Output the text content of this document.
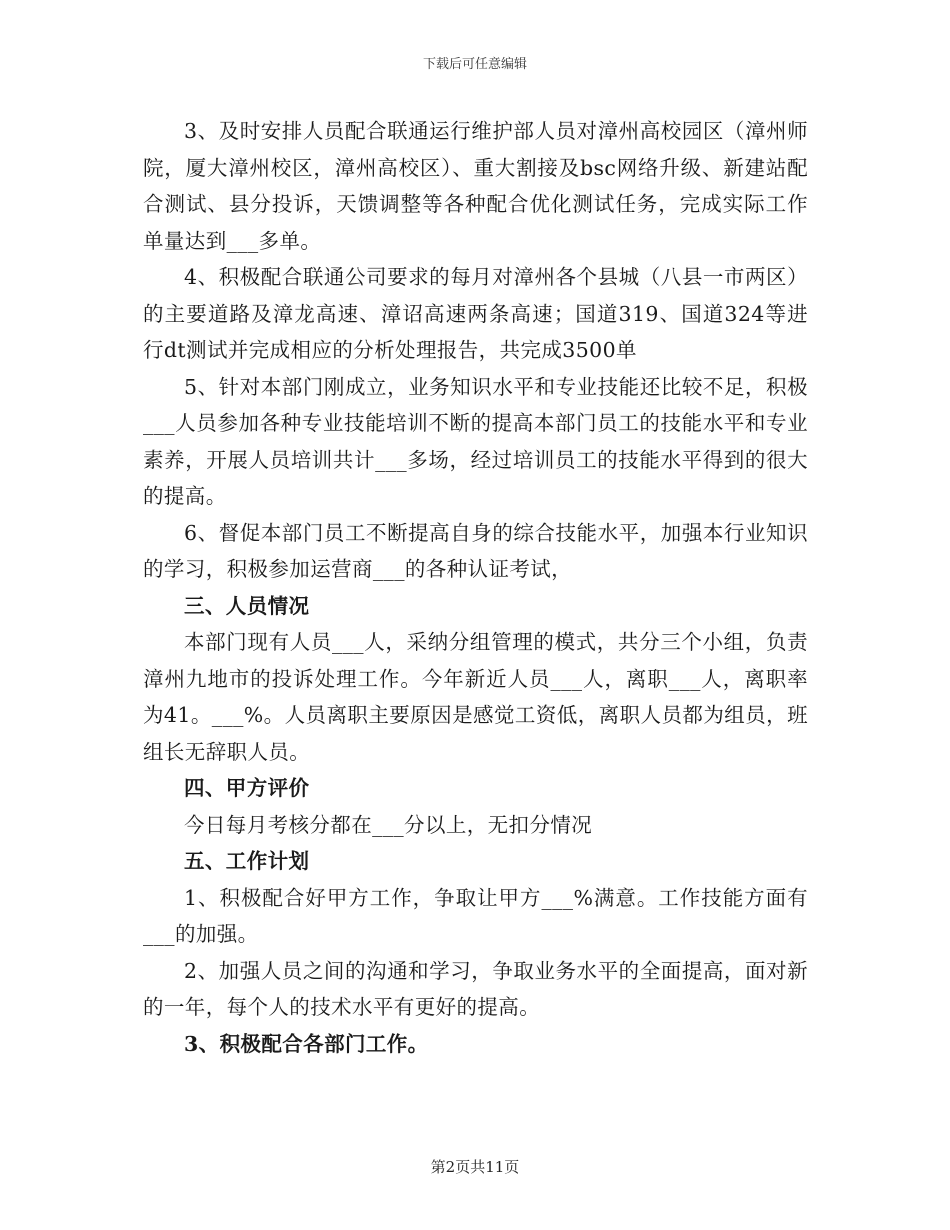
下载后可任意编辑

3、及时安排人员配合联通运行维护部人员对漳州高校园区（漳州师院，厦大漳州校区，漳州高校区）、重大割接及bsc网络升级、新建站配合测试、县分投诉，天馈调整等各种配合优化测试任务，完成实际工作单量达到___多单。

4、积极配合联通公司要求的每月对漳州各个县城（八县一市两区）的主要道路及漳龙高速、漳诏高速两条高速；国道319、国道324等进行dt测试并完成相应的分析处理报告，共完成3500单

5、针对本部门刚成立，业务知识水平和专业技能还比较不足，积极___人员参加各种专业技能培训不断的提高本部门员工的技能水平和专业素养，开展人员培训共计___多场，经过培训员工的技能水平得到的很大的提高。

6、督促本部门员工不断提高自身的综合技能水平，加强本行业知识的学习，积极参加运营商___的各种认证考试，

三、人员情况

本部门现有人员___人，采纳分组管理的模式，共分三个小组，负责漳州九地市的投诉处理工作。今年新近人员___人，离职___人，离职率为41。___%。人员离职主要原因是感觉工资低，离职人员都为组员，班组长无辞职人员。

四、甲方评价

今日每月考核分都在___分以上，无扣分情况

五、工作计划

1、积极配合好甲方工作，争取让甲方___%满意。工作技能方面有___的加强。

2、加强人员之间的沟通和学习，争取业务水平的全面提高，面对新的一年，每个人的技术水平有更好的提高。

3、积极配合各部门工作。

第2页共11页
